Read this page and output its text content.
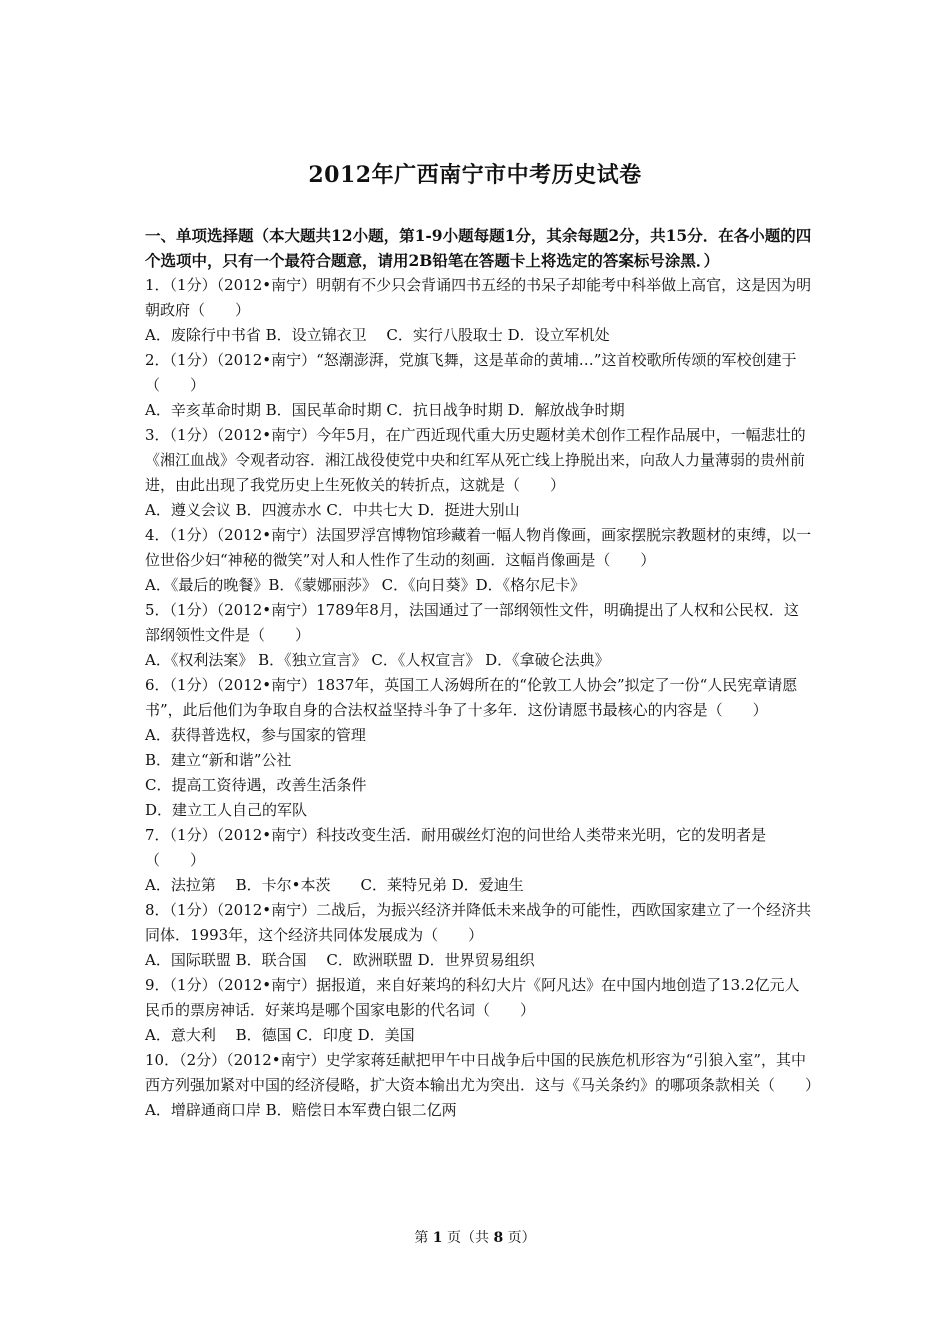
2012年广西南宁市中考历史试卷

一、单项选择题（本大题共12小题，第1-9小题每题1分，其余每题2分，共15分．在各小题的四个选项中，只有一个最符合题意，请用2B铅笔在答题卡上将选定的答案标号涂黑．）

1．（1分）（2012•南宁）明朝有不少只会背诵四书五经的书呆子却能考中科举做上高官，这是因为明朝政府（　　）

A．废除行中书省 B．设立锦衣卫　 C．实行八股取士 D．设立军机处

2．（1分）（2012•南宁）“怒潮澎湃，党旗飞舞，这是革命的黄埔…”这首校歌所传颂的军校创建于（　　）

A．辛亥革命时期 B．国民革命时期 C．抗日战争时期 D．解放战争时期

3．（1分）（2012•南宁）今年5月，在广西近现代重大历史题材美术创作工程作品展中，一幅悲壮的《湘江血战》令观者动容．湘江战役使党中央和红军从死亡线上挣脱出来，向敌人力量薄弱的贵州前进，由此出现了我党历史上生死攸关的转折点，这就是（　　）

A．遵义会议 B．四渡赤水 C．中共七大 D．挺进大别山

4．（1分）（2012•南宁）法国罗浮宫博物馆珍藏着一幅人物肖像画，画家摆脱宗教题材的束缚，以一位世俗少妇“神秘的微笑”对人和人性作了生动的刻画．这幅肖像画是（　　）

A．《最后的晚餐》B．《蒙娜丽莎》 C．《向日葵》D．《格尔尼卡》

5．（1分）（2012•南宁）1789年8月，法国通过了一部纲领性文件，明确提出了人权和公民权．这部纲领性文件是（　　）

A．《权利法案》 B．《独立宣言》 C．《人权宣言》 D．《拿破仑法典》

6．（1分）（2012•南宁）1837年，英国工人汤姆所在的“伦敦工人协会”拟定了一份“人民宪章请愿书”，此后他们为争取自身的合法权益坚持斗争了十多年．这份请愿书最核心的内容是（　　）

A．获得普选权，参与国家的管理

B．建立“新和谐”公社

C．提高工资待遇，改善生活条件

D．建立工人自己的军队

7．（1分）（2012•南宁）科技改变生活．耐用碳丝灯泡的问世给人类带来光明，它的发明者是（　　）

A．法拉第　 B．卡尔•本茨　　C．莱特兄弟 D．爱迪生

8．（1分）（2012•南宁）二战后，为振兴经济并降低未来战争的可能性，西欧国家建立了一个经济共同体．1993年，这个经济共同体发展成为（　　）

A．国际联盟 B．联合国　 C．欧洲联盟 D．世界贸易组织

9．（1分）（2012•南宁）据报道，来自好莱坞的科幻大片《阿凡达》在中国内地创造了13.2亿元人民币的票房神话．好莱坞是哪个国家电影的代名词（　　）

A．意大利　 B．德国 C．印度 D．美国

10．（2分）（2012•南宁）史学家蒋廷献把甲午中日战争后中国的民族危机形容为“引狼入室”，其中西方列强加紧对中国的经济侵略，扩大资本输出尤为突出．这与《马关条约》的哪项条款相关（　　）

A．增辟通商口岸 B．赔偿日本军费白银二亿两

第 1 页（共 8 页）
